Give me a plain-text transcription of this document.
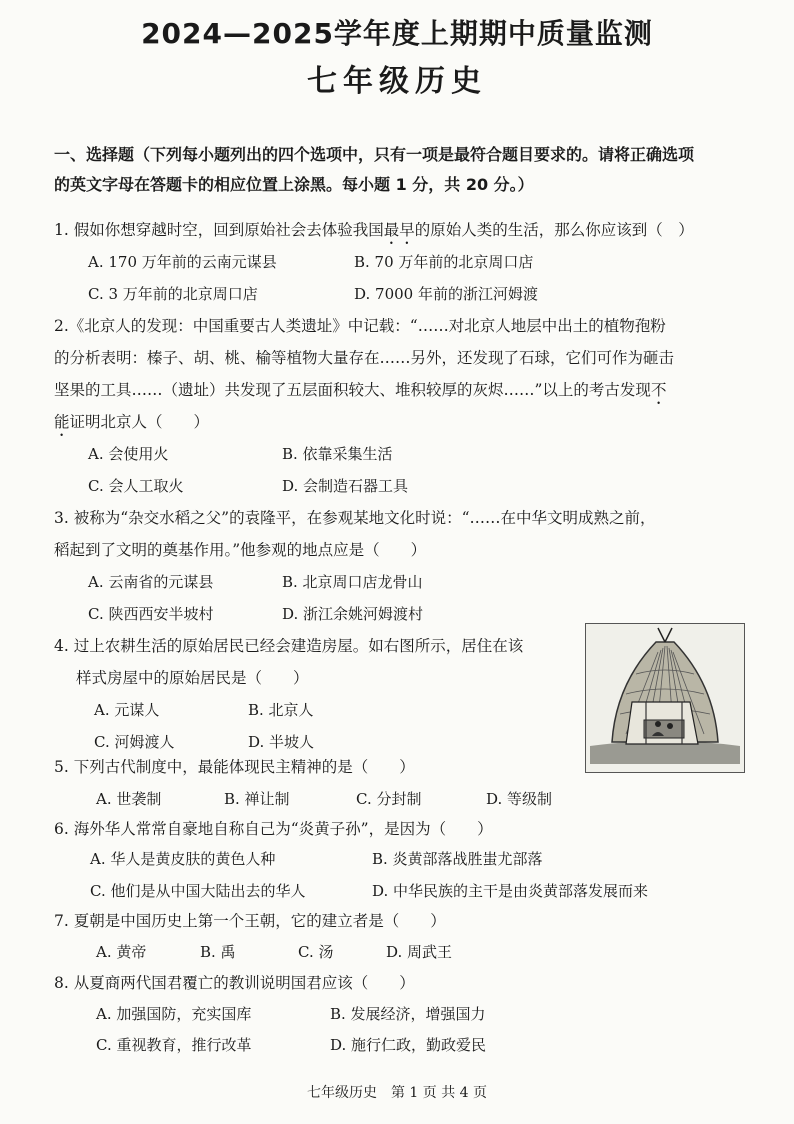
2024—2025学年度上期期中质量监测
七年级历史
一、选择题（下列每小题列出的四个选项中，只有一项是最符合题目要求的。请将正确选项
的英文字母在答题卡的相应位置上涂黑。每小题 1 分，共 20 分。）
1. 假如你想穿越时空，回到原始社会去体验我国最早的原始人类的生活，那么你应该到（　）
A. 170 万年前的云南元谋县	B. 70 万年前的北京周口店
C. 3 万年前的北京周口店	D. 7000 年前的浙江河姆渡
2.《北京人的发现：中国重要古人类遗址》中记载：“……对北京人地层中出土的植物孢粉
的分析表明：榛子、胡、桃、榆等植物大量存在……另外，还发现了石球，它们可作为砸击
坚果的工具……（遗址）共发现了五层面积较大、堆积较厚的灰烬……”以上的考古发现不
能证明北京人（　　）
A. 会使用火	B. 依靠采集生活
C. 会人工取火	D. 会制造石器工具
3. 被称为“杂交水稻之父”的袁隆平，在参观某地文化时说：“……在中华文明成熟之前，
稻起到了文明的奠基作用。”他参观的地点应是（　　）
A. 云南省的元谋县	B. 北京周口店龙骨山
C. 陕西西安半坡村	D. 浙江余姚河姆渡村
4. 过上农耕生活的原始居民已经会建造房屋。如右图所示，居住在该
样式房屋中的原始居民是（　　）
A. 元谋人	B. 北京人
C. 河姆渡人	D. 半坡人
5. 下列古代制度中，最能体现民主精神的是（　　）
A. 世袭制	B. 禅让制	C. 分封制	D. 等级制
6. 海外华人常常自豪地自称自己为“炎黄子孙”，是因为（　　）
A. 华人是黄皮肤的黄色人种	B. 炎黄部落战胜蚩尤部落
C. 他们是从中国大陆出去的华人	D. 中华民族的主干是由炎黄部落发展而来
7. 夏朝是中国历史上第一个王朝，它的建立者是（　　）
A. 黄帝	B. 禹	C. 汤	D. 周武王
8. 从夏商两代国君覆亡的教训说明国君应该（　　）
A. 加强国防，充实国库	B. 发展经济，增强国力
C. 重视教育，推行改革	D. 施行仁政，勤政爱民
七年级历史　第 1 页 共 4 页
